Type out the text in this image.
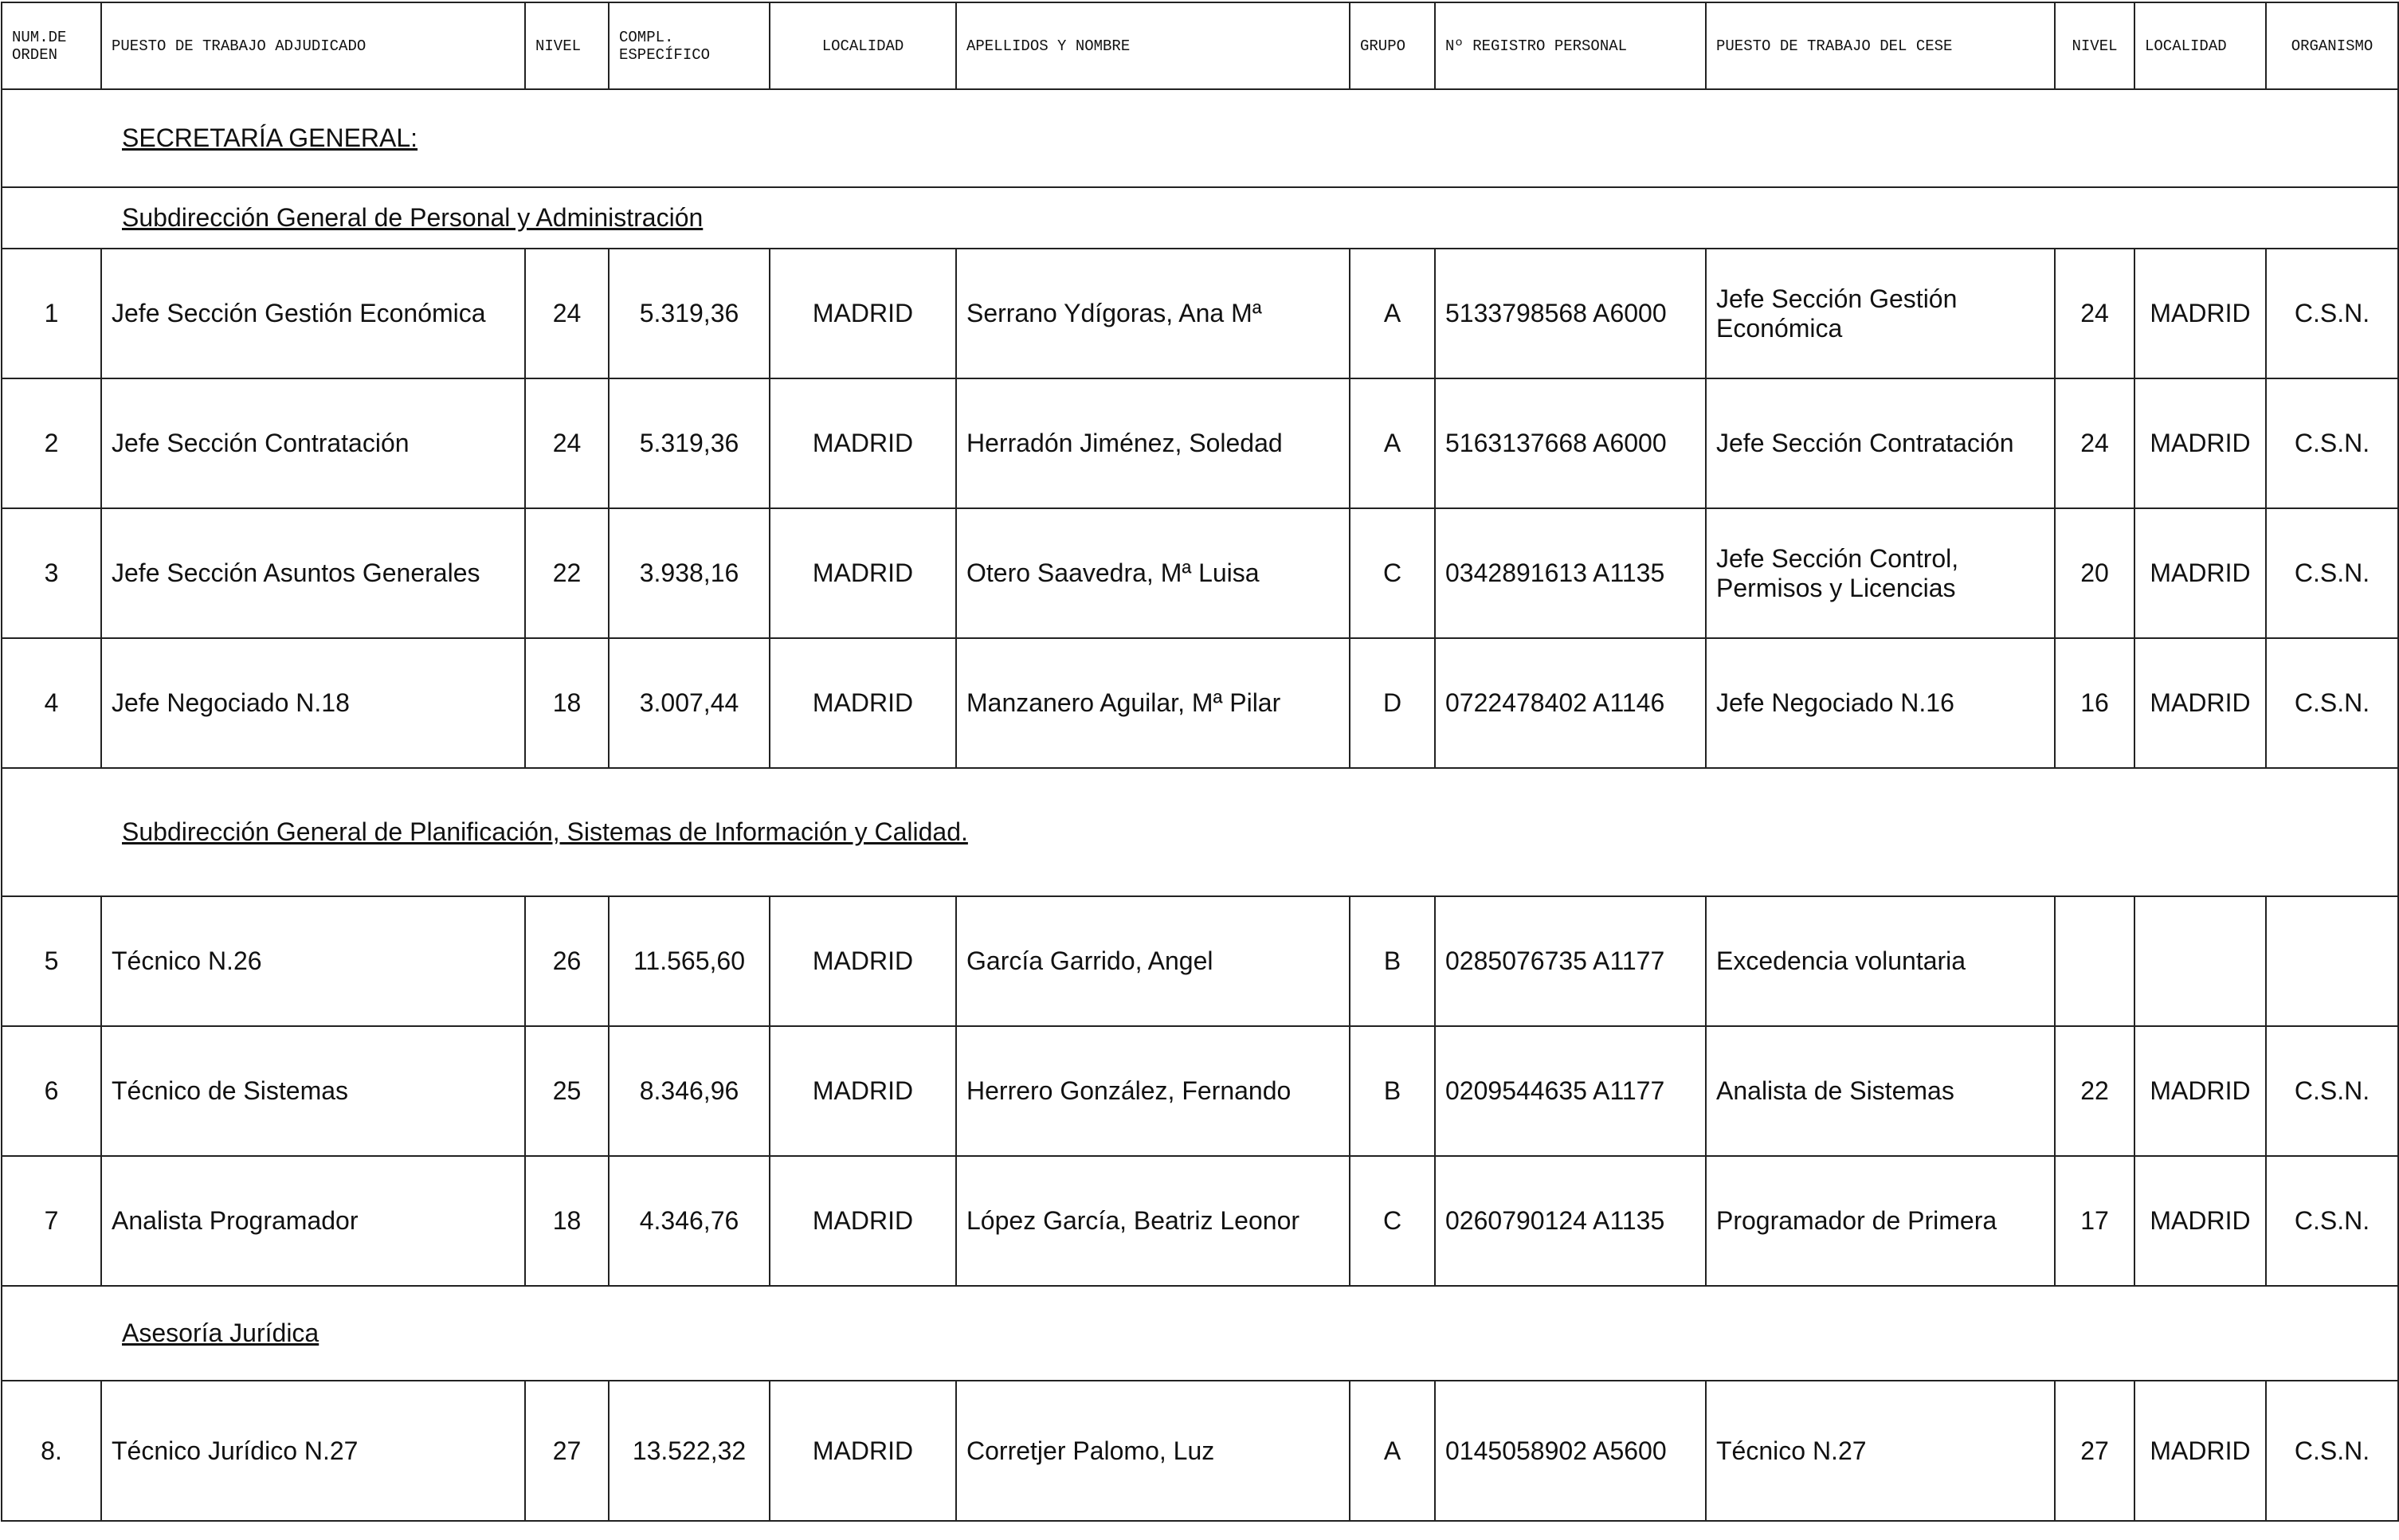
NUM.DE ORDEN	PUESTO DE TRABAJO ADJUDICADO	NIVEL	COMPL. ESPECÍFICO	LOCALIDAD	APELLIDOS Y NOMBRE	GRUPO	Nº REGISTRO PERSONAL	PUESTO DE TRABAJO DEL CESE	NIVEL	LOCALIDAD	ORGANISMO
SECRETARÍA GENERAL:											
Subdirección General de Personal y Administración											
1	Jefe Sección Gestión Económica	24	5.319,36	MADRID	Serrano Ydígoras, Ana Mª	A	5133798568 A6000	Jefe Sección Gestión Económica	24	MADRID	C.S.N.
2	Jefe Sección Contratación	24	5.319,36	MADRID	Herradón Jiménez, Soledad	A	5163137668 A6000	Jefe Sección Contratación	24	MADRID	C.S.N.
3	Jefe Sección Asuntos Generales	22	3.938,16	MADRID	Otero Saavedra, Mª Luisa	C	0342891613 A1135	Jefe Sección Control, Permisos y Licencias	20	MADRID	C.S.N.
4	Jefe Negociado N.18	18	3.007,44	MADRID	Manzanero Aguilar, Mª Pilar	D	0722478402 A1146	Jefe Negociado N.16	16	MADRID	C.S.N.
Subdirección General de Planificación, Sistemas de Información y Calidad.											
5	Técnico N.26	26	11.565,60	MADRID	García Garrido, Angel	B	0285076735 A1177	Excedencia voluntaria			
6	Técnico de Sistemas	25	8.346,96	MADRID	Herrero González, Fernando	B	0209544635 A1177	Analista de Sistemas	22	MADRID	C.S.N.
7	Analista Programador	18	4.346,76	MADRID	López García, Beatriz Leonor	C	0260790124 A1135	Programador de Primera	17	MADRID	C.S.N.
Asesoría Jurídica											
8.	Técnico Jurídico N.27	27	13.522,32	MADRID	Corretjer Palomo, Luz	A	0145058902 A5600	Técnico N.27	27	MADRID	C.S.N.
